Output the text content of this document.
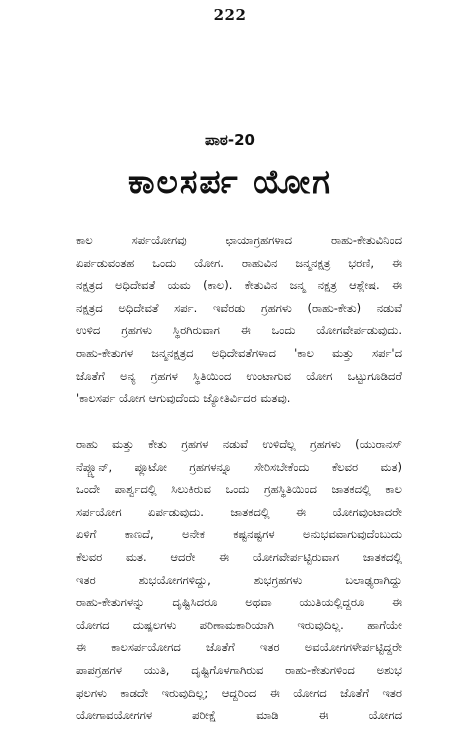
222
ಪಾಠ-20
ಕಾಲಸರ್ಪ ಯೋಗ
ಕಾಲ ಸರ್ಪಯೋಗವು ಛಾಯಾಗ್ರಹಗಳಾದ ರಾಹು-ಕೇತುವಿನಿಂದ
ಏರ್ಪಡುವಂತಹ ಒಂದು ಯೋಗ. ರಾಹುವಿನ ಜನ್ಮನಕ್ಷತ್ರ ಭರಣಿ, ಈ
ನಕ್ಷತ್ರದ ಅಧಿದೇವತೆ ಯಮ (ಕಾಲ). ಕೇತುವಿನ ಜನ್ಮ ನಕ್ಷತ್ರ ಆಶ್ಲೇಷ. ಈ
ನಕ್ಷತ್ರದ ಅಧಿದೇವತೆ ಸರ್ಪ. ಇವೆರಡು ಗ್ರಹಗಳು (ರಾಹು-ಕೇತು) ನಡುವೆ
ಉಳಿದ ಗ್ರಹಗಳು ಸ್ಥಿರಗಿರುವಾಗ ಈ ಒಂದು ಯೋಗವೇರ್ಪಡುವುದು.
ರಾಹು-ಕೇತುಗಳ ಜನ್ಮನಕ್ಷತ್ರದ ಅಧಿದೇವತೆಗಳಾದ 'ಕಾಲ ಮತ್ತು ಸರ್ಪ'ದ
ಜೊತೆಗೆ ಅನ್ಯ ಗ್ರಹಗಳ ಸ್ಥಿತಿಯಿಂದ ಉಂಟಾಗುವ ಯೋಗ ಒಟ್ಟುಗೂಡಿದರೆ
'ಕಾಲಸರ್ಪ ಯೋಗ ಆಗುವುದೆಂದು ಜ್ಯೋತಿರ್ವಿದರ ಮತವು.
ರಾಹು ಮತ್ತು ಕೇತು ಗ್ರಹಗಳ ನಡುವೆ ಉಳಿದೆಲ್ಲ ಗ್ರಹಗಳು (ಯುರಾನಸ್
ನೆಪ್ಚ್ಯೂನ್, ಪ್ಲೂಟೋ ಗ್ರಹಗಳನ್ನೂ ಸೇರಿಸಬೇಕೆಂದು ಕೆಲವರ ಮತ)
ಒಂದೇ ಪಾರ್ಶ್ವದಲ್ಲಿ ಸಿಲುಕಿರುವ ಒಂದು ಗ್ರಹಸ್ಥಿತಿಯಿಂದ ಜಾತಕದಲ್ಲಿ ಕಾಲ
ಸರ್ಪಯೋಗ ಏರ್ಪಡುವುದು. ಜಾತಕದಲ್ಲಿ ಈ ಯೋಗವುಂಟಾದರೇ
ಏಳಿಗೆ ಕಾಣದೆ, ಅನೇಕ ಕಷ್ಟನಷ್ಟಗಳ ಅನುಭವವಾಗುವುದೆಂಬುದು
ಕೆಲವರ ಮತ. ಆದರೇ ಈ ಯೋಗವೇರ್ಪಟ್ಟಿರುವಾಗ ಜಾತಕದಲ್ಲಿ
ಇತರ ಶುಭಯೋಗಗಳಿದ್ದು, ಶುಭಗ್ರಹಗಳು ಬಲಾಢ್ಯರಾಗಿದ್ದು
ರಾಹು-ಕೇತುಗಳನ್ನು ದೃಷ್ಟಿಸಿದರೂ ಅಥವಾ ಯುತಿಯಲ್ಲಿದ್ದರೂ ಈ
ಯೋಗದ ದುಷ್ಪಲಗಳು ಪರಿಣಾಮಕಾರಿಯಾಗಿ ಇರುವುದಿಲ್ಲ. ಹಾಗೆಯೇ
ಈ ಕಾಲಸರ್ಪಯೋಗದ ಜೊತೆಗೆ ಇತರ ಅವಯೋಗಗಳೇರ್ಪಟ್ಟಿದ್ದರೇ
ಪಾಪಗ್ರಹಗಳ ಯುತಿ, ದೃಷ್ಟಿಗೊಳಗಾಗಿರುವ ರಾಹು-ಕೇತುಗಳಿಂದ ಅಶುಭ
ಫಲಗಳು ಕಾಡದೇ ಇರುವುದಿಲ್ಲ; ಆದ್ದರಿಂದ ಈ ಯೋಗದ ಜೊತೆಗೆ ಇತರ
ಯೋಗಾವಯೋಗಗಳ ಪರೀಕ್ಷೆ ಮಾಡಿ ಈ ಯೋಗದ
